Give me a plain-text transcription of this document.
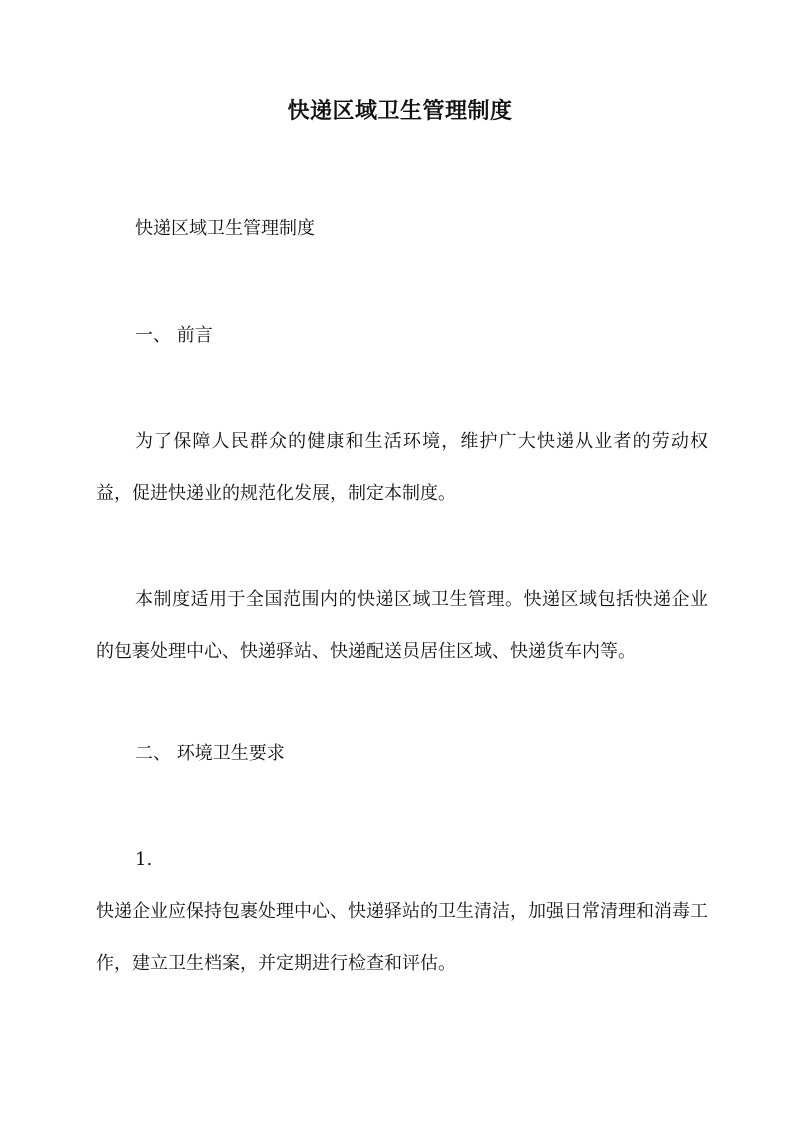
快递区域卫生管理制度
快递区域卫生管理制度
一、 前言
为了保障人民群众的健康和生活环境，维护广大快递从业者的劳动权益，促进快递业的规范化发展，制定本制度。
本制度适用于全国范围内的快递区域卫生管理。快递区域包括快递企业的包裹处理中心、快递驿站、快递配送员居住区域、快递货车内等。
二、 环境卫生要求
1.
快递企业应保持包裹处理中心、快递驿站的卫生清洁，加强日常清理和消毒工作，建立卫生档案，并定期进行检查和评估。
